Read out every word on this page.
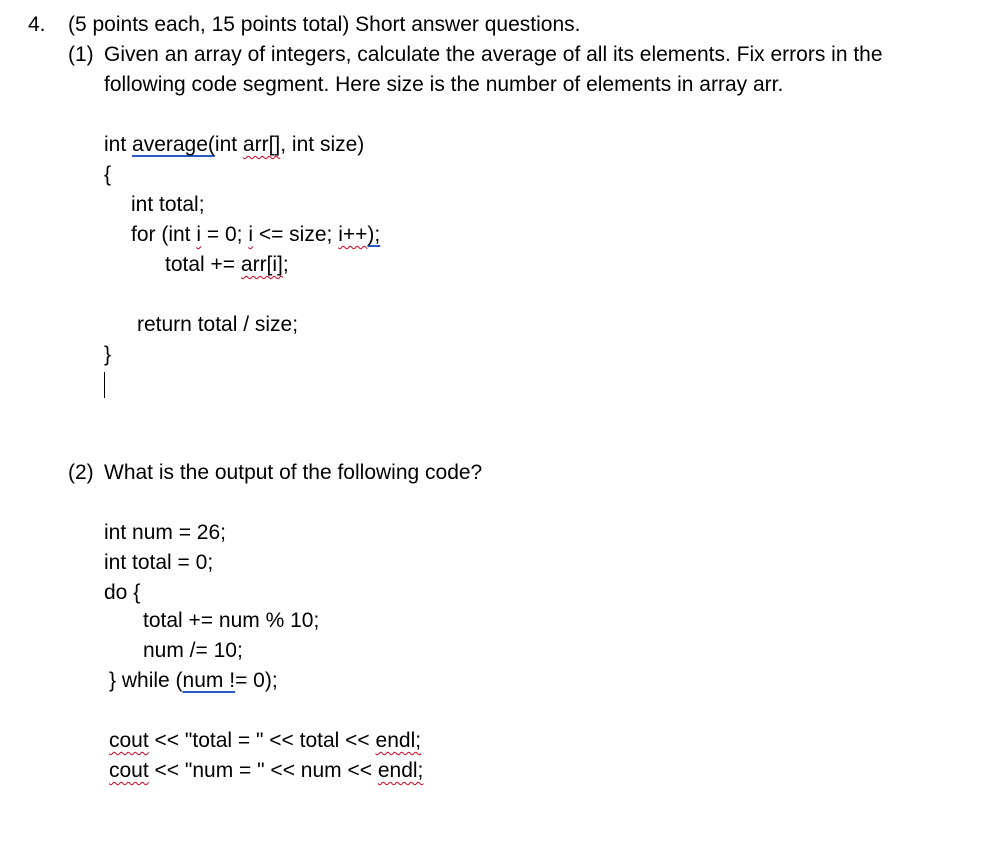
4. (5 points each, 15 points total) Short answer questions.
(1) Given an array of integers, calculate the average of all its elements. Fix errors in the
following code segment. Here size is the number of elements in array arr.
int average(int arr[], int size)
{
int total;
for (int i = 0; i <= size; i++);
total += arr[i];
return total / size;
}
(2) What is the output of the following code?
int num = 26;
int total = 0;
do {
total += num % 10;
num /= 10;
} while (num != 0);
cout << "total = " << total << endl;
cout << "num = " << num << endl;
